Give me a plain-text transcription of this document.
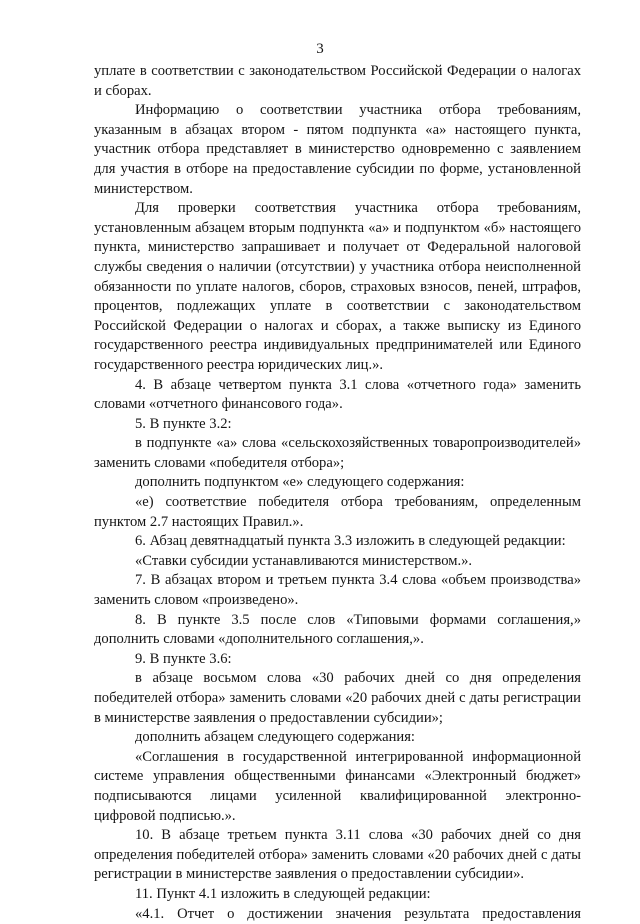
3

уплате в соответствии с законодательством Российской Федерации о налогах и сборах.

Информацию о соответствии участника отбора требованиям, указанным в абзацах втором - пятом подпункта «а» настоящего пункта, участник отбора представляет в министерство одновременно с заявлением для участия в отборе на предоставление субсидии по форме, установленной министерством.

Для проверки соответствия участника отбора требованиям, установленным абзацем вторым подпункта «а» и подпунктом «б» настоящего пункта, министерство запрашивает и получает от Федеральной налоговой службы сведения о наличии (отсутствии) у участника отбора неисполненной обязанности по уплате налогов, сборов, страховых взносов, пеней, штрафов, процентов, подлежащих уплате в соответствии с законодательством Российской Федерации о налогах и сборах, а также выписку из Единого государственного реестра индивидуальных предпринимателей или Единого государственного реестра юридических лиц.».

4. В абзаце четвертом пункта 3.1 слова «отчетного года» заменить словами «отчетного финансового года».

5. В пункте 3.2:

в подпункте «а» слова «сельскохозяйственных товаропроизводителей» заменить словами «победителя отбора»;

дополнить подпунктом «е» следующего содержания:

«е) соответствие победителя отбора требованиям, определенным пунктом 2.7 настоящих Правил.».

6. Абзац девятнадцатый пункта 3.3 изложить в следующей редакции:

«Ставки субсидии устанавливаются министерством.».

7. В абзацах втором и третьем пункта 3.4 слова «объем производства» заменить словом «произведено».

8. В пункте 3.5 после слов «Типовыми формами соглашения,» дополнить словами «дополнительного соглашения,».

9. В пункте 3.6:

в абзаце восьмом слова «30 рабочих дней со дня определения победителей отбора» заменить словами «20 рабочих дней с даты регистрации в министерстве заявления о предоставлении субсидии»;

дополнить абзацем следующего содержания:

«Соглашения в государственной интегрированной информационной системе управления общественными финансами «Электронный бюджет» подписываются лицами усиленной квалифицированной электронно-цифровой подписью.».

10. В абзаце третьем пункта 3.11 слова «30 рабочих дней со дня определения победителей отбора» заменить словами «20 рабочих дней с даты регистрации в министерстве заявления о предоставлении субсидии».

11. Пункт 4.1 изложить в следующей редакции:

«4.1. Отчет о достижении значения результата предоставления
